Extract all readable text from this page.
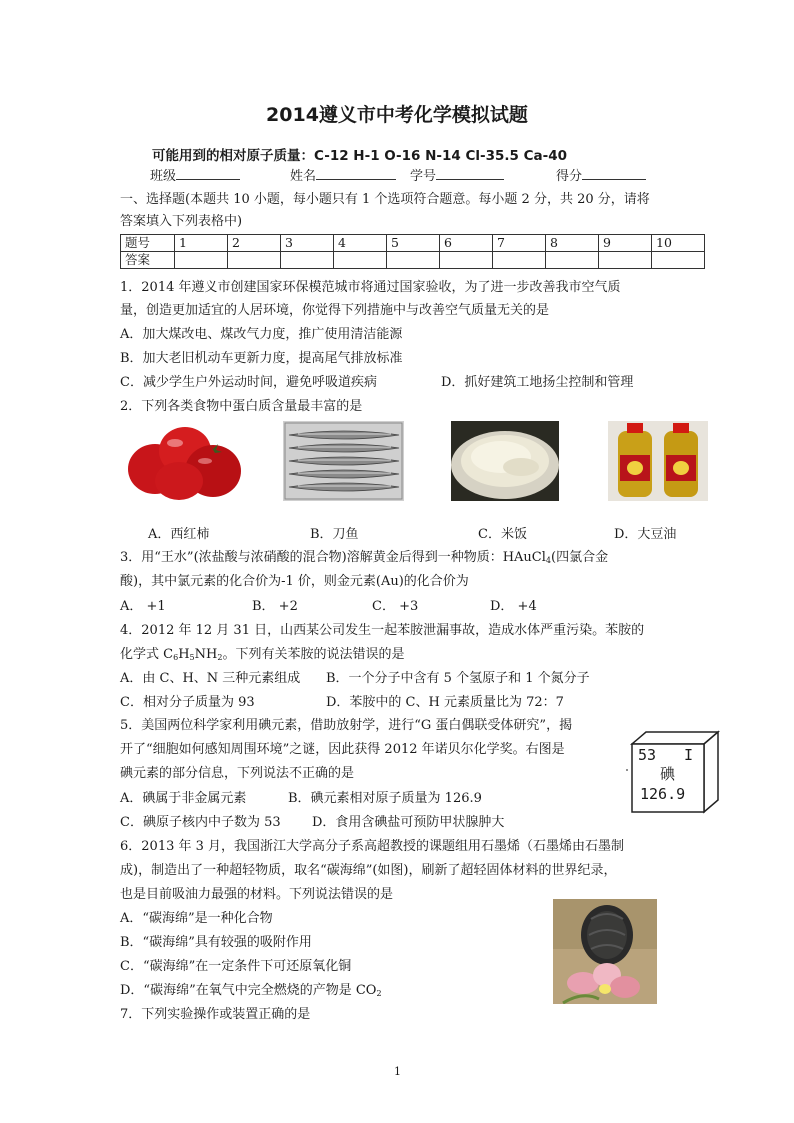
2014遵义市中考化学模拟试题
可能用到的相对原子质量：C-12 H-1 O-16 N-14 Cl-35.5 Ca-40
班级	姓名	学号	得分
一、选择题(本题共 10 小题，每小题只有 1 个选项符合题意。每小题 2 分，共 20 分，请将
答案填入下列表格中)
题号	1	2	3	4	5	6	7	8	9	10
答案										
1．2014 年遵义市创建国家环保模范城市将通过国家验收，为了进一步改善我市空气质
量，创造更加适宜的人居环境，你觉得下列措施中与改善空气质量无关的是
A．加大煤改电、煤改气力度，推广使用清洁能源
B．加大老旧机动车更新力度，提高尾气排放标准
C．减少学生户外运动时间，避免呼吸道疾病	D．抓好建筑工地扬尘控制和管理
2．下列各类食物中蛋白质含量最丰富的是
A．西红柿	B．刀鱼	C．米饭	D．大豆油
3．用“王水”(浓盐酸与浓硝酸的混合物)溶解黄金后得到一种物质：HAuCl$_4$(四氯合金
酸)，其中氯元素的化合价为-1 价，则金元素(Au)的化合价为
A． +1	B． +2	C． +3	D． +4
4．2012 年 12 月 31 日，山西某公司发生一起苯胺泄漏事故，造成水体严重污染。苯胺的
化学式 $C_6H_5NH_2$。下列有关苯胺的说法错误的是
A．由 C、H、N 三种元素组成 B．一个分子中含有 5 个氢原子和 1 个氮分子
C．相对分子质量为 93	D．苯胺中的 C、H 元素质量比为 72：7
5．美国两位科学家利用碘元素，借助放射学，进行“G 蛋白偶联受体研究”，揭
开了“细胞如何感知周围环境”之谜，因此获得 2012 年诺贝尔化学奖。右图是
碘元素的部分信息，下列说法不正确的是
A．碘属于非金属元素	B．碘元素相对原子质量为 126.9
C．碘原子核内中子数为 53 D．食用含碘盐可预防甲状腺肿大
53 I
碘
126.9
6．2013 年 3 月，我国浙江大学高分子系高超教授的课题组用石墨烯（石墨烯由石墨制
成)，制造出了一种超轻物质，取名“碳海绵”(如图)，刷新了超轻固体材料的世界纪录，
也是目前吸油力最强的材料。下列说法错误的是
A．“碳海绵”是一种化合物
B．“碳海绵”具有较强的吸附作用
C．“碳海绵”在一定条件下可还原氧化铜
D．“碳海绵”在氧气中完全燃烧的产物是 $CO_2$
7．下列实验操作或装置正确的是
1
